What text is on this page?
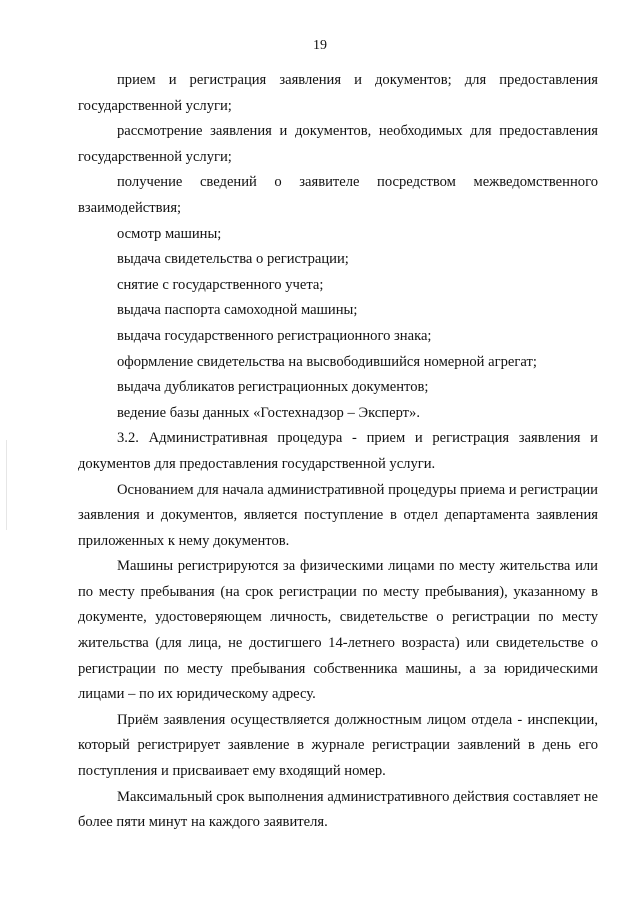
19

прием и регистрация заявления и документов; для предоставления государственной услуги;

рассмотрение заявления и документов, необходимых для предоставления государственной услуги;

получение сведений о заявителе посредством межведомственного взаимодействия;

осмотр машины;

выдача свидетельства о регистрации;

снятие с государственного учета;

выдача паспорта самоходной машины;

выдача государственного регистрационного знака;

оформление свидетельства на высвободившийся номерной агрегат;

выдача дубликатов регистрационных документов;

ведение базы данных «Гостехнадзор – Эксперт».

3.2. Административная процедура - прием и регистрация заявления и документов для предоставления государственной услуги.

Основанием для начала административной процедуры приема и регистрации заявления и документов, является поступление в отдел департамента заявления приложенных к нему документов.

Машины регистрируются за физическими лицами по месту жительства или по месту пребывания (на срок регистрации по месту пребывания), указанному в документе, удостоверяющем личность, свидетельстве о регистрации по месту жительства (для лица, не достигшего 14-летнего возраста) или свидетельстве о регистрации по месту пребывания собственника машины, а за юридическими лицами – по их юридическому адресу.

Приём заявления осуществляется должностным лицом отдела - инспекции, который регистрирует заявление в журнале регистрации заявлений в день его поступления и присваивает ему входящий номер.

Максимальный срок выполнения административного действия составляет не более пяти минут на каждого заявителя.
